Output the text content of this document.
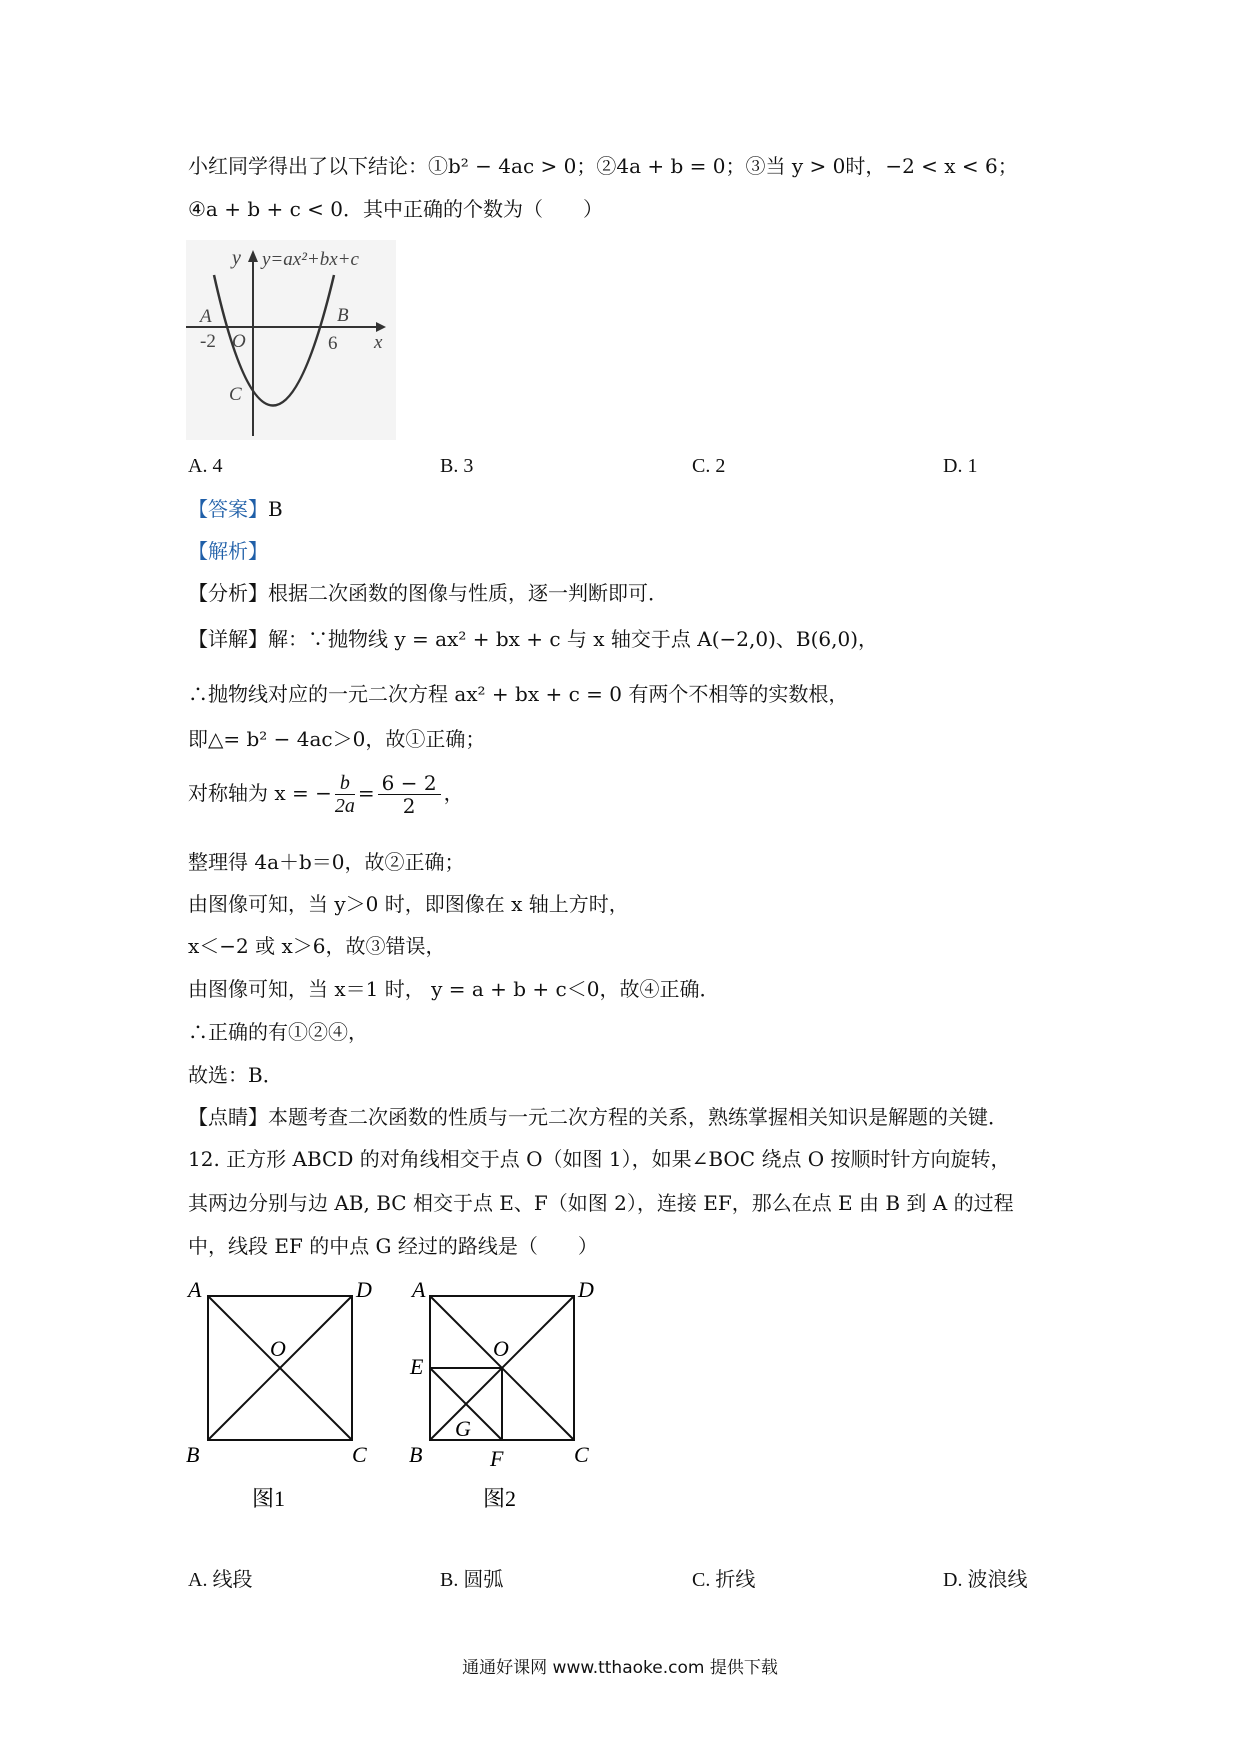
小红同学得出了以下结论：①b² − 4ac > 0；②4a + b = 0；③当 y > 0时，−2 < x < 6；
④a + b + c < 0．其中正确的个数为（　　）
y y=ax²+bx+c
A	B
-2 O	6 x
C
A. 4	B. 3	C. 2	D. 1
【答案】B
【解析】
【分析】根据二次函数的图像与性质，逐一判断即可．
【详解】解：∵抛物线 y = ax² + bx + c 与 x 轴交于点 A(−2,0)、B(6,0)，
∴抛物线对应的一元二次方程 ax² + bx + c = 0 有两个不相等的实数根，
即△= b² − 4ac＞0，故①正确；
对称轴为 x = − $\frac{b}{2a} = \frac{6 - 2}{2}$ ，
整理得 4a＋b＝0，故②正确；
由图像可知，当 y＞0 时，即图像在 x 轴上方时，
x＜−2 或 x＞6，故③错误，
由图像可知，当 x＝1 时， y = a + b + c＜0，故④正确．
∴正确的有①②④，
故选：B．
【点睛】本题考查二次函数的性质与一元二次方程的关系，熟练掌握相关知识是解题的关键．
12. 正方形 ABCD 的对角线相交于点 O（如图 1），如果∠BOC 绕点 O 按顺时针方向旋转，
其两边分别与边 AB, BC 相交于点 E、F（如图 2），连接 EF，那么在点 E 由 B 到 A 的过程
中，线段 EF 的中点 G 经过的路线是（　　）
A	D
O
B	C
图1
A	D
O
E
G
B	F	C
图2
A. 线段	B. 圆弧	C. 折线	D. 波浪线
通通好课网 www.tthaoke.com 提供下载
